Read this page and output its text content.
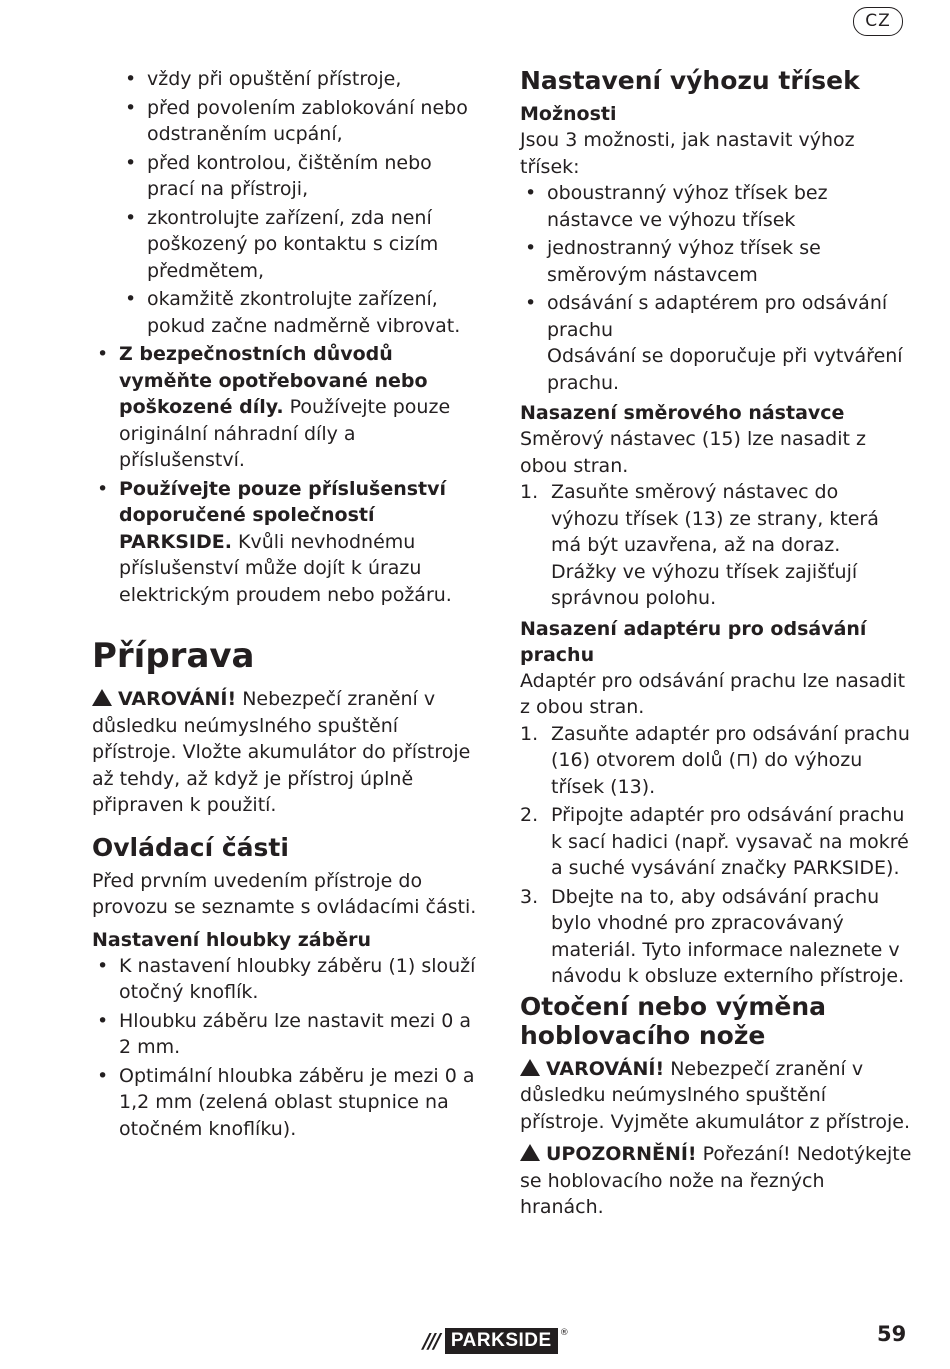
CZ
• vždy při opuštění přístroje,
• před povolením zablokování nebo odstraněním ucpání,
• před kontrolou, čištěním nebo prací na přístroji,
• zkontrolujte zařízení, zda není poškozený po kontaktu s cizím předmětem,
• okamžitě zkontrolujte zařízení, pokud začne nadměrně vibrovat.
• Z bezpečnostních důvodů vyměňte opotřebované nebo poškozené díly. Používejte pouze originální náhradní díly a příslušenství.
• Používejte pouze příslušenství doporučené společností PARKSIDE. Kvůli nevhodnému příslušenství může dojít k úrazu elektrickým proudem nebo požáru.
Příprava

VAROVÁNÍ! Nebezpečí zranění v důsledku neúmyslného spuštění přístroje. Vložte akumulátor do přístroje až tehdy, až když je přístroj úplně připraven k použití.

Ovládací části

Před prvním uvedením přístroje do provozu se seznamte s ovládacími části.

Nastavení hloubky záběru
• K nastavení hloubky záběru (1) slouží otočný knoflík.
• Hloubku záběru lze nastavit mezi 0 a 2 mm.
• Optimální hloubka záběru je mezi 0 a 1,2 mm (zelená oblast stupnice na otočném knoflíku).
Nastavení výhozu třísek
Možnosti

Jsou 3 možnosti, jak nastavit výhoz třísek:

• oboustranný výhoz třísek bez nástavce ve výhozu třísek
• jednostranný výhoz třísek se směrovým nástavcem
• odsávání s adaptérem pro odsávání prachu
Odsávání se doporučuje při vytváření prachu.
Nasazení směrového nástavce

Směrový nástavec (15) lze nasadit z obou stran.

1. Zasuňte směrový nástavec do výhozu třísek (13) ze strany, která má být uzavřena, až na doraz.
Drážky ve výhozu třísek zajišťují správnou polohu.
Nasazení adaptéru pro odsávání prachu

Adaptér pro odsávání prachu lze nasadit z obou stran.

1. Zasuňte adaptér pro odsávání prachu (16) otvorem dolů (⊓) do výhozu třísek (13).
2. Připojte adaptér pro odsávání prachu k sací hadici (např. vysavač na mokré a suché vysávání značky PARKSIDE).
3. Dbejte na to, aby odsávání prachu bylo vhodné pro zpracovávaný materiál. Tyto informace naleznete v návodu k obsluze externího přístroje.
Otočení nebo výměna hoblovacího nože

VAROVÁNÍ! Nebezpečí zranění v důsledku neúmyslného spuštění přístroje. Vyjměte akumulátor z přístroje.

UPOZORNĚNÍ! Pořezání! Nedotýkejte se hoblovacího nože na řezných hranách.

/// PARKSIDE ®	59
